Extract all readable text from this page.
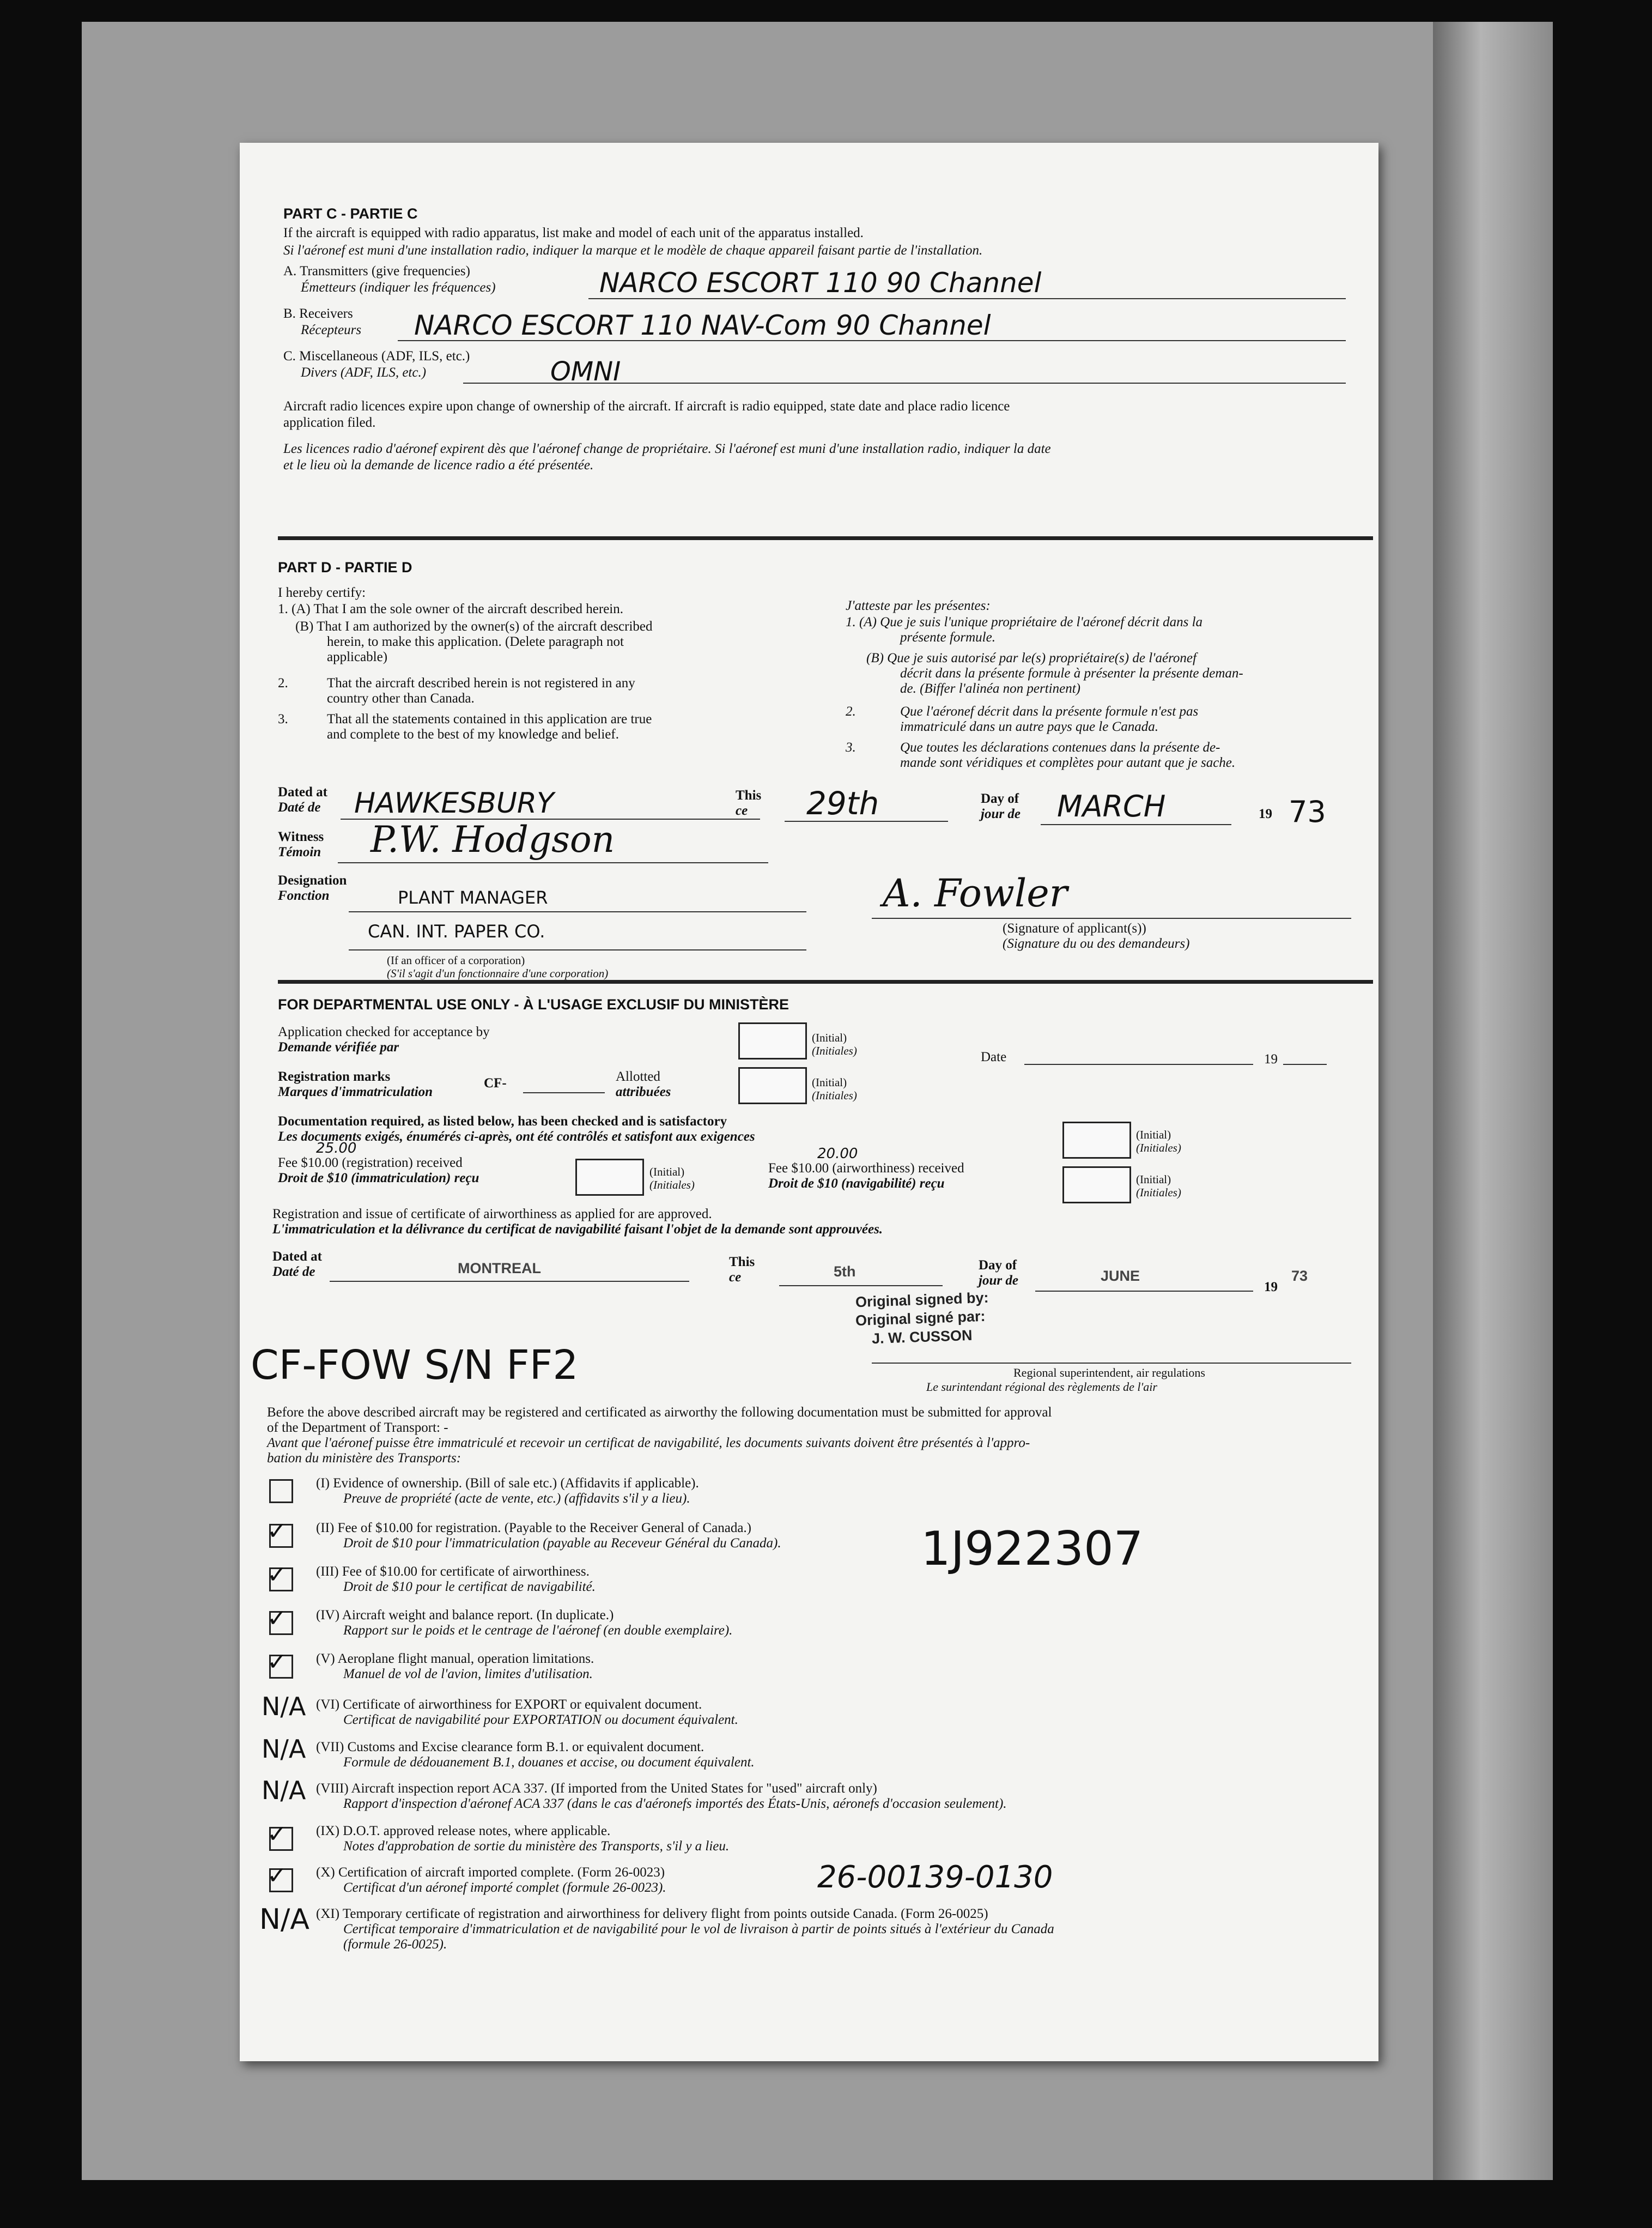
PART C - PARTIE C
If the aircraft is equipped with radio apparatus, list make and model of each unit of the apparatus installed.
Si l'aéronef est muni d'une installation radio, indiquer la marque et le modèle de chaque appareil faisant partie de l'installation.
A. Transmitters (give frequencies)
Émetteurs (indiquer les fréquences)	NARCO ESCORT 110 90 Channel
B. Receivers
Récepteurs NARCO ESCORT 110 NAV-Com 90 Channel
C. Miscellaneous (ADF, ILS, etc.)
Divers (ADF, ILS, etc.)	OMNI
Aircraft radio licences expire upon change of ownership of the aircraft. If aircraft is radio equipped, state date and place radio licence
application filed.
Les licences radio d'aéronef expirent dès que l'aéronef change de propriétaire. Si l'aéronef est muni d'une installation radio, indiquer la date
et le lieu où la demande de licence radio a été présentée.
PART D - PARTIE D
I hereby certify:
1. (A) That I am the sole owner of the aircraft described herein.
(B) That I am authorized by the owner(s) of the aircraft described
herein, to make this application. (Delete paragraph not
applicable)
2.	That the aircraft described herein is not registered in any
country other than Canada.
3.	That all the statements contained in this application are true
and complete to the best of my knowledge and belief.
J'atteste par les présentes:
1. (A) Que je suis l'unique propriétaire de l'aéronef décrit dans la
présente formule.
(B) Que je suis autorisé par le(s) propriétaire(s) de l'aéronef
décrit dans la présente formule à présenter la présente deman-
de. (Biffer l'alinéa non pertinent)
2.	Que l'aéronef décrit dans la présente formule n'est pas
immatriculé dans un autre pays que le Canada.
3.	Que toutes les déclarations contenues dans la présente de-
mande sont véridiques et complètes pour autant que je sache.
Dated at
Daté de HAWKESBURY	This
ce 29th	Day of
jour de MARCH	19 73
Witness
Témoin P.W. Hodgson
Designation
Fonction	PLANT MANAGER
CAN. INT. PAPER CO.
(If an officer of a corporation)
(S'il s'agit d'un fonctionnaire d'une corporation)
A. Fowler
(Signature of applicant(s))
(Signature du ou des demandeurs)
FOR DEPARTMENTAL USE ONLY - À L'USAGE EXCLUSIF DU MINISTÈRE
Application checked for acceptance by
Demande vérifiée par
(Initial)
(Initiales)	Date	19
Registration marks
Marques d'immatriculation
CF-	Allotted
attribuées
(Initial)
(Initiales)
Documentation required, as listed below, has been checked and is satisfactory
Les documents exigés, énumérés ci-après, ont été contrôlés et satisfont aux exigences	(Initial)
(Initiales)
25.00
Fee $10.00 (registration) received
Droit de $10 (immatriculation) reçu	(Initial)
(Initiales)
20.00
Fee $10.00 (airworthiness) received
Droit de $10 (navigabilité) reçu	(Initial)
(Initiales)
Registration and issue of certificate of airworthiness as applied for are approved.
L'immatriculation et la délivrance du certificat de navigabilité faisant l'objet de la demande sont approuvées.
Dated at
Daté de	MONTREAL	This
ce	5th	Day of
jour de	JUNE
19
73
Original signed by:
Original signé par:
J. W. CUSSON
Regional superintendent, air regulations
Le surintendant régional des règlements de l'air
CF-FOW S/N FF2
Before the above described aircraft may be registered and certificated as airworthy the following documentation must be submitted for approval
of the Department of Transport: -
Avant que l'aéronef puisse être immatriculé et recevoir un certificat de navigabilité, les documents suivants doivent être présentés à l'appro-
bation du ministère des Transports:
(I) Evidence of ownership. (Bill of sale etc.) (Affidavits if applicable).
Preuve de propriété (acte de vente, etc.) (affidavits s'il y a lieu).
✓ (II) Fee of $10.00 for registration. (Payable to the Receiver General of Canada.)
Droit de $10 pour l'immatriculation (payable au Receveur Général du Canada).
✓ (III) Fee of $10.00 for certificate of airworthiness.
Droit de $10 pour le certificat de navigabilité.
✓ (IV) Aircraft weight and balance report. (In duplicate.)
Rapport sur le poids et le centrage de l'aéronef (en double exemplaire).
✓ (V) Aeroplane flight manual, operation limitations.
Manuel de vol de l'avion, limites d'utilisation.
N/A (VI) Certificate of airworthiness for EXPORT or equivalent document.
Certificat de navigabilité pour EXPORTATION ou document équivalent.
N/A (VII) Customs and Excise clearance form B.1. or equivalent document.
Formule de dédouanement B.1, douanes et accise, ou document équivalent.
N/A (VIII) Aircraft inspection report ACA 337. (If imported from the United States for "used" aircraft only)
Rapport d'inspection d'aéronef ACA 337 (dans le cas d'aéronefs importés des États-Unis, aéronefs d'occasion seulement).
✓ (IX) D.O.T. approved release notes, where applicable.
Notes d'approbation de sortie du ministère des Transports, s'il y a lieu.
✓ (X) Certification of aircraft imported complete. (Form 26-0023)
Certificat d'un aéronef importé complet (formule 26-0023).
N/A (XI) Temporary certificate of registration and airworthiness for delivery flight from points outside Canada. (Form 26-0025)
Certificat temporaire d'immatriculation et de navigabilité pour le vol de livraison à partir de points situés à l'extérieur du Canada
(formule 26-0025).
1J922307
26-00139-0130
